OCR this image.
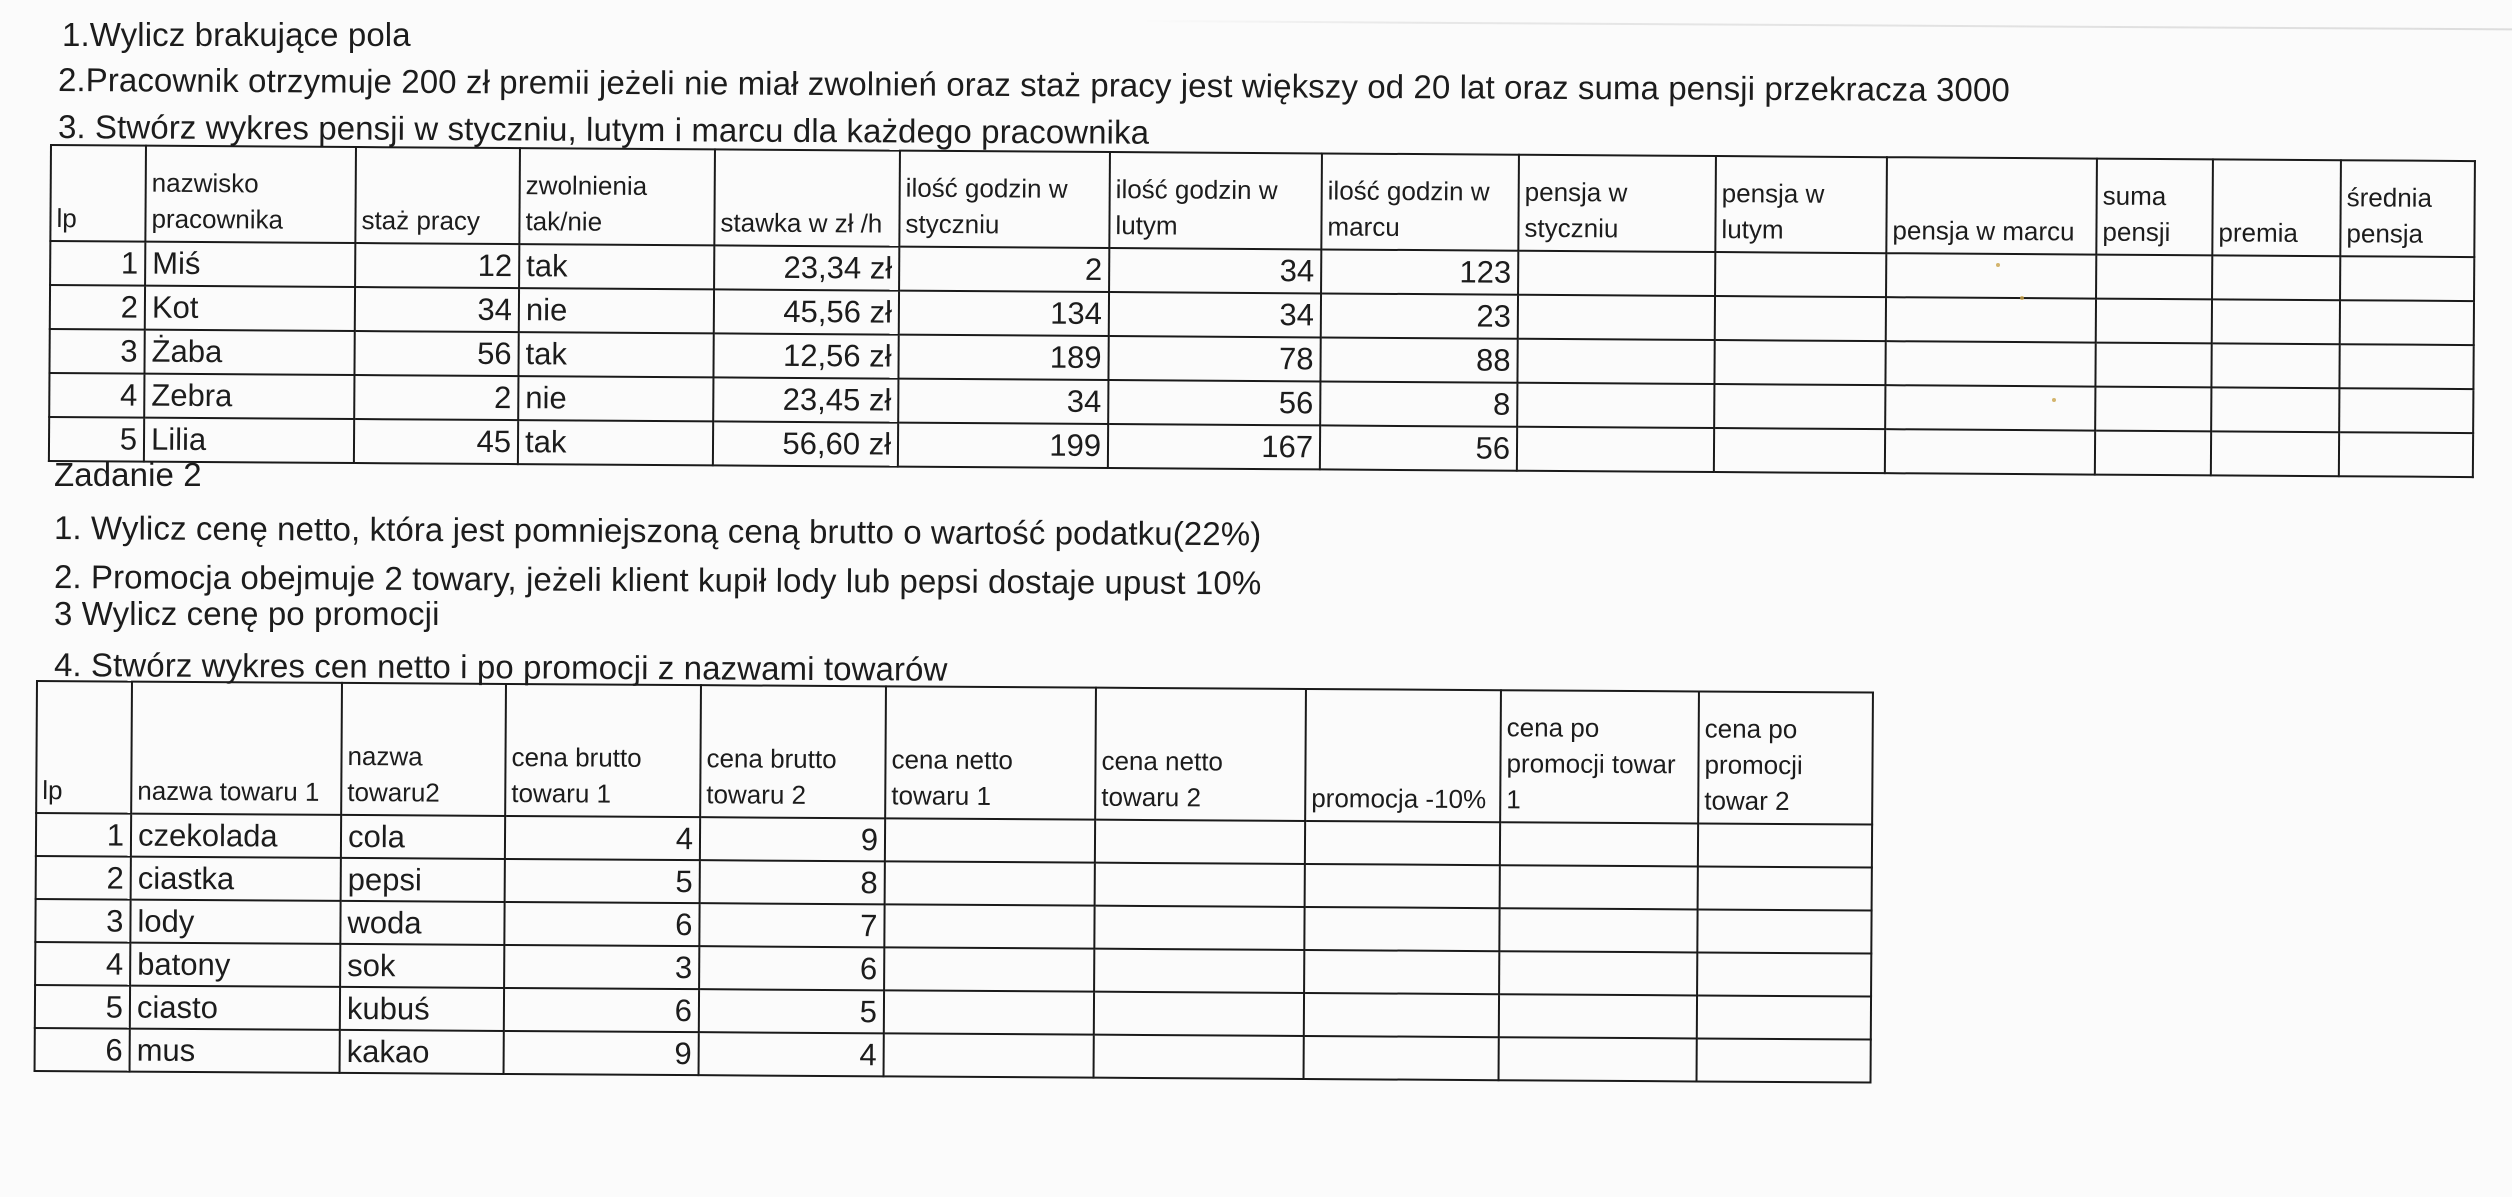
1.Wylicz brakujące pola
2.Pracownik otrzymuje 200 zł premii jeżeli nie miał zwolnień oraz staż pracy jest większy od 20 lat oraz suma pensji przekracza 3000
3. Stwórz wykres pensji w styczniu, lutym i marcu dla każdego pracownika
lp	nazwisko pracownika	staż pracy	zwolnienia tak/nie	stawka w zł /h	ilość godzin w styczniu	ilość godzin w lutym	ilość godzin w marcu	pensja w styczniu	pensja w lutym	pensja w marcu	suma pensji	premia	średnia pensja
1	Miś	12	tak	23,34 zł	2	34	123						
2	Kot	34	nie	45,56 zł	134	34	23						
3	Żaba	56	tak	12,56 zł	189	78	88						
4	Zebra	2	nie	23,45 zł	34	56	8						
5	Lilia	45	tak	56,60 zł	199	167	56						
Zadanie 2
1. Wylicz cenę netto, która jest pomniejszoną ceną brutto o wartość podatku(22%)
2. Promocja obejmuje 2 towary, jeżeli klient kupił lody lub pepsi dostaje upust 10%
3 Wylicz cenę po promocji
4. Stwórz wykres cen netto i po promocji z nazwami towarów
lp	nazwa towaru 1	nazwa towaru2	cena brutto towaru 1	cena brutto towaru 2	cena netto towaru 1	cena netto towaru 2	promocja -10%	cena po promocji towar 1	cena po promocji towar 2
1	czekolada	cola	4	9					
2	ciastka	pepsi	5	8					
3	lody	woda	6	7					
4	batony	sok	3	6					
5	ciasto	kubuś	6	5					
6	mus	kakao	9	4					
